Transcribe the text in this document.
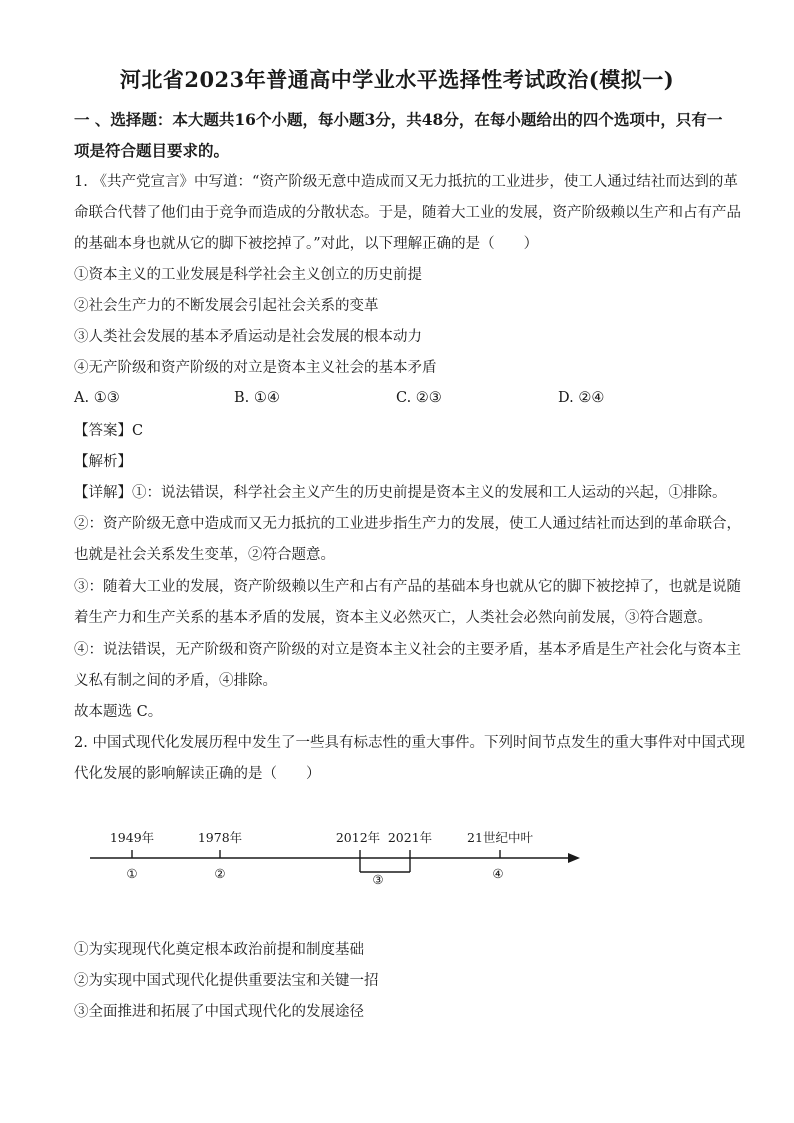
河北省2023年普通高中学业水平选择性考试政治(模拟一)
一 、选择题：本大题共16个小题，每小题3分，共48分，在每小题给出的四个选项中，只有一项是符合题目要求的。
1. 《共产党宣言》中写道：“资产阶级无意中造成而又无力抵抗的工业进步，使工人通过结社而达到的革
命联合代替了他们由于竞争而造成的分散状态。于是，随着大工业的发展，资产阶级赖以生产和占有产品
的基础本身也就从它的脚下被挖掉了。”对此，以下理解正确的是（　　）
①资本主义的工业发展是科学社会主义创立的历史前提
②社会生产力的不断发展会引起社会关系的变革
③人类社会发展的基本矛盾运动是社会发展的根本动力
④无产阶级和资产阶级的对立是资本主义社会的基本矛盾
A. ①③	B. ①④	C. ②③	D. ②④
【答案】C
【解析】
【详解】①：说法错误，科学社会主义产生的历史前提是资本主义的发展和工人运动的兴起，①排除。
②：资产阶级无意中造成而又无力抵抗的工业进步指生产力的发展，使工人通过结社而达到的革命联合，
也就是社会关系发生变革，②符合题意。
③：随着大工业的发展，资产阶级赖以生产和占有产品的基础本身也就从它的脚下被挖掉了，也就是说随
着生产力和生产关系的基本矛盾的发展，资本主义必然灭亡，人类社会必然向前发展，③符合题意。
④：说法错误，无产阶级和资产阶级的对立是资本主义社会的主要矛盾，基本矛盾是生产社会化与资本主
义私有制之间的矛盾，④排除。
故本题选 C。
2. 中国式现代化发展历程中发生了一些具有标志性的重大事件。下列时间节点发生的重大事件对中国式现
代化发展的影响解读正确的是（　　）
1949年	1978年	2012年 2021年	21世纪中叶
①	②	③	④
①为实现现代化奠定根本政治前提和制度基础
②为实现中国式现代化提供重要法宝和关键一招
③全面推进和拓展了中国式现代化的发展途径
